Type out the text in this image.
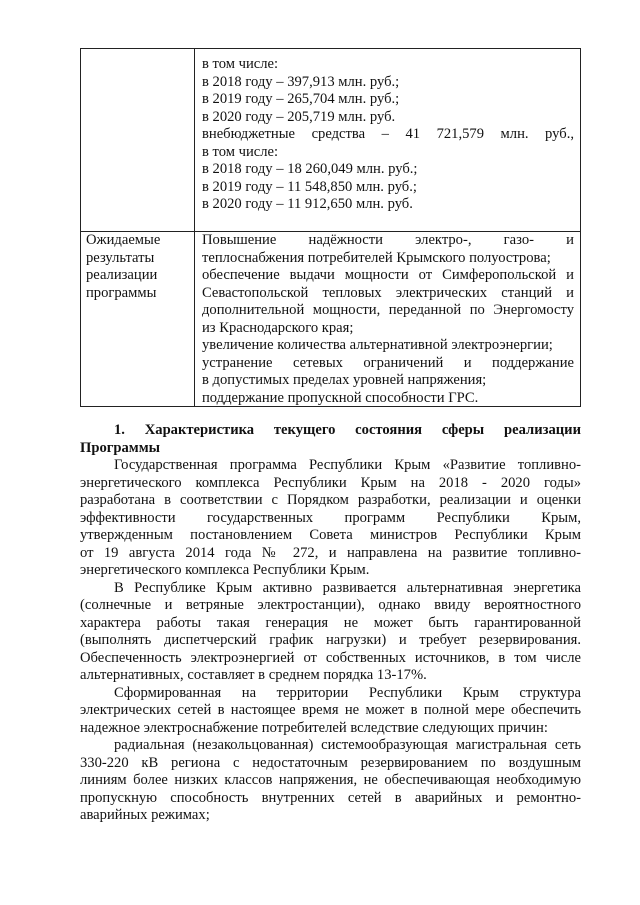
в том числе:
в 2018 году – 397,913 млн. руб.;
в 2019 году – 265,704 млн. руб.;
в 2020 году – 205,719 млн. руб.
внебюджетные средства – 41 721,579 млн. руб.,
в том числе:
в 2018 году – 18 260,049 млн. руб.;
в 2019 году – 11 548,850 млн. руб.;
в 2020 году – 11 912,650 млн. руб.
Ожидаемые
результаты
реализации
программы
Повышение надёжности электро-, газо- и
теплоснабжения потребителей Крымского полуострова;
обеспечение выдачи мощности от Симферопольской и
Севастопольской тепловых электрических станций и
дополнительной мощности, переданной по Энергомосту
из Краснодарского края;
увеличение количества альтернативной электроэнергии;
устранение сетевых ограничений и поддержание
в допустимых пределах уровней напряжения;
поддержание пропускной способности ГРС.
1. Характеристика текущего состояния сферы реализации
Программы
Государственная программа Республики Крым «Развитие топливно-
энергетического комплекса Республики Крым на 2018 - 2020 годы»
разработана в соответствии с Порядком разработки, реализации и оценки
эффективности государственных программ Республики Крым,
утвержденным постановлением Совета министров Республики Крым
от 19 августа 2014 года № 272, и направлена на развитие топливно-
энергетического комплекса Республики Крым.
В Республике Крым активно развивается альтернативная энергетика
(солнечные и ветряные электростанции), однако ввиду вероятностного
характера работы такая генерация не может быть гарантированной
(выполнять диспетчерский график нагрузки) и требует резервирования.
Обеспеченность электроэнергией от собственных источников, в том числе
альтернативных, составляет в среднем порядка 13-17%.
Сформированная на территории Республики Крым структура
электрических сетей в настоящее время не может в полной мере обеспечить
надежное электроснабжение потребителей вследствие следующих причин:
радиальная (незакольцованная) системообразующая магистральная сеть
330-220 кВ региона с недостаточным резервированием по воздушным
линиям более низких классов напряжения, не обеспечивающая необходимую
пропускную способность внутренних сетей в аварийных и ремонтно-
аварийных режимах;
